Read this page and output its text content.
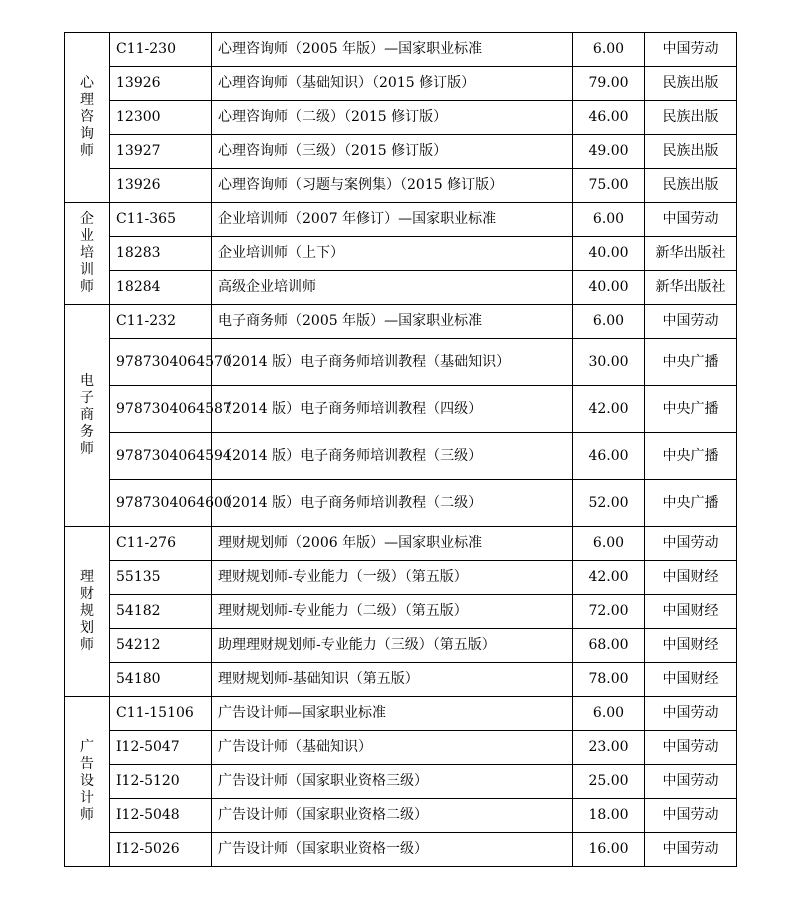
心理咨询师	C11-230	心理咨询师（2005 年版）—国家职业标准	6.00	中国劳动
	13926	心理咨询师（基础知识）（2015 修订版）	79.00	民族出版
	12300	心理咨询师（二级）（2015 修订版）	46.00	民族出版
	13927	心理咨询师（三级）（2015 修订版）	49.00	民族出版
	13926	心理咨询师（习题与案例集）（2015 修订版）	75.00	民族出版

企业培训师	C11-365	企业培训师（2007 年修订）—国家职业标准	6.00	中国劳动
	18283	企业培训师（上下）	40.00	新华出版社
	18284	高级企业培训师	40.00	新华出版社

电子商务师	C11-232	电子商务师（2005 年版）—国家职业标准	6.00	中国劳动
	9787304064570	（2014 版）电子商务师培训教程（基础知识）	30.00	中央广播
	9787304064587	（2014 版）电子商务师培训教程（四级）	42.00	中央广播
	9787304064594	（2014 版）电子商务师培训教程（三级）	46.00	中央广播
	9787304064600	（2014 版）电子商务师培训教程（二级）	52.00	中央广播

理财规划师	C11-276	理财规划师（2006 年版）—国家职业标准	6.00	中国劳动
	55135	理财规划师-专业能力（一级）（第五版）	42.00	中国财经
	54182	理财规划师-专业能力（二级）（第五版）	72.00	中国财经
	54212	助理理财规划师-专业能力（三级）（第五版）	68.00	中国财经
	54180	理财规划师-基础知识（第五版）	78.00	中国财经

广告设计师	C11-15106	广告设计师—国家职业标准	6.00	中国劳动
	I12-5047	广告设计师（基础知识）	23.00	中国劳动
	I12-5120	广告设计师（国家职业资格三级）	25.00	中国劳动
	I12-5048	广告设计师（国家职业资格二级）	18.00	中国劳动
	I12-5026	广告设计师（国家职业资格一级）	16.00	中国劳动
